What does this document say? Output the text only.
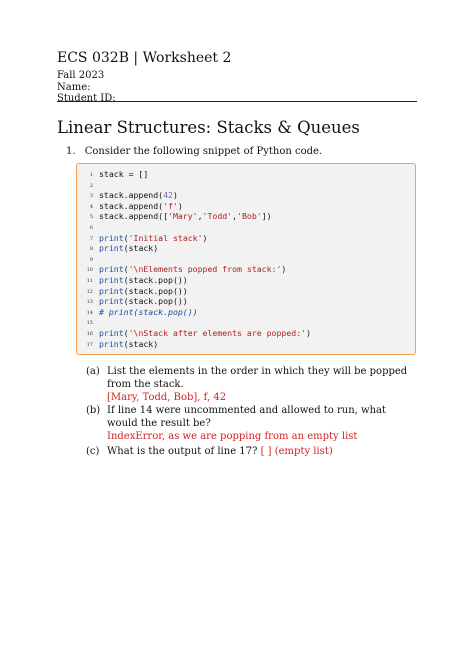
ECS 032B | Worksheet 2
Fall 2023
Name:
Student ID:
Linear Structures: Stacks & Queues
1. Consider the following snippet of Python code.
1 stack = []
2
3 stack.append(42)
4 stack.append('f')
5 stack.append(['Mary','Todd','Bob'])
6
7 print('Initial stack')
8 print(stack)
9
10 print('\nElements popped from stack:')
11 print(stack.pop())
12 print(stack.pop())
13 print(stack.pop())
14 # print(stack.pop())
15
16 print('\nStack after elements are popped:')
17 print(stack)
(a) List the elements in the order in which they will be popped from the stack.
[Mary, Todd, Bob], f, 42
(b) If line 14 were uncommented and allowed to run, what would the result be?
IndexError, as we are popping from an empty list
(c) What is the output of line 17? [ ] (empty list)
